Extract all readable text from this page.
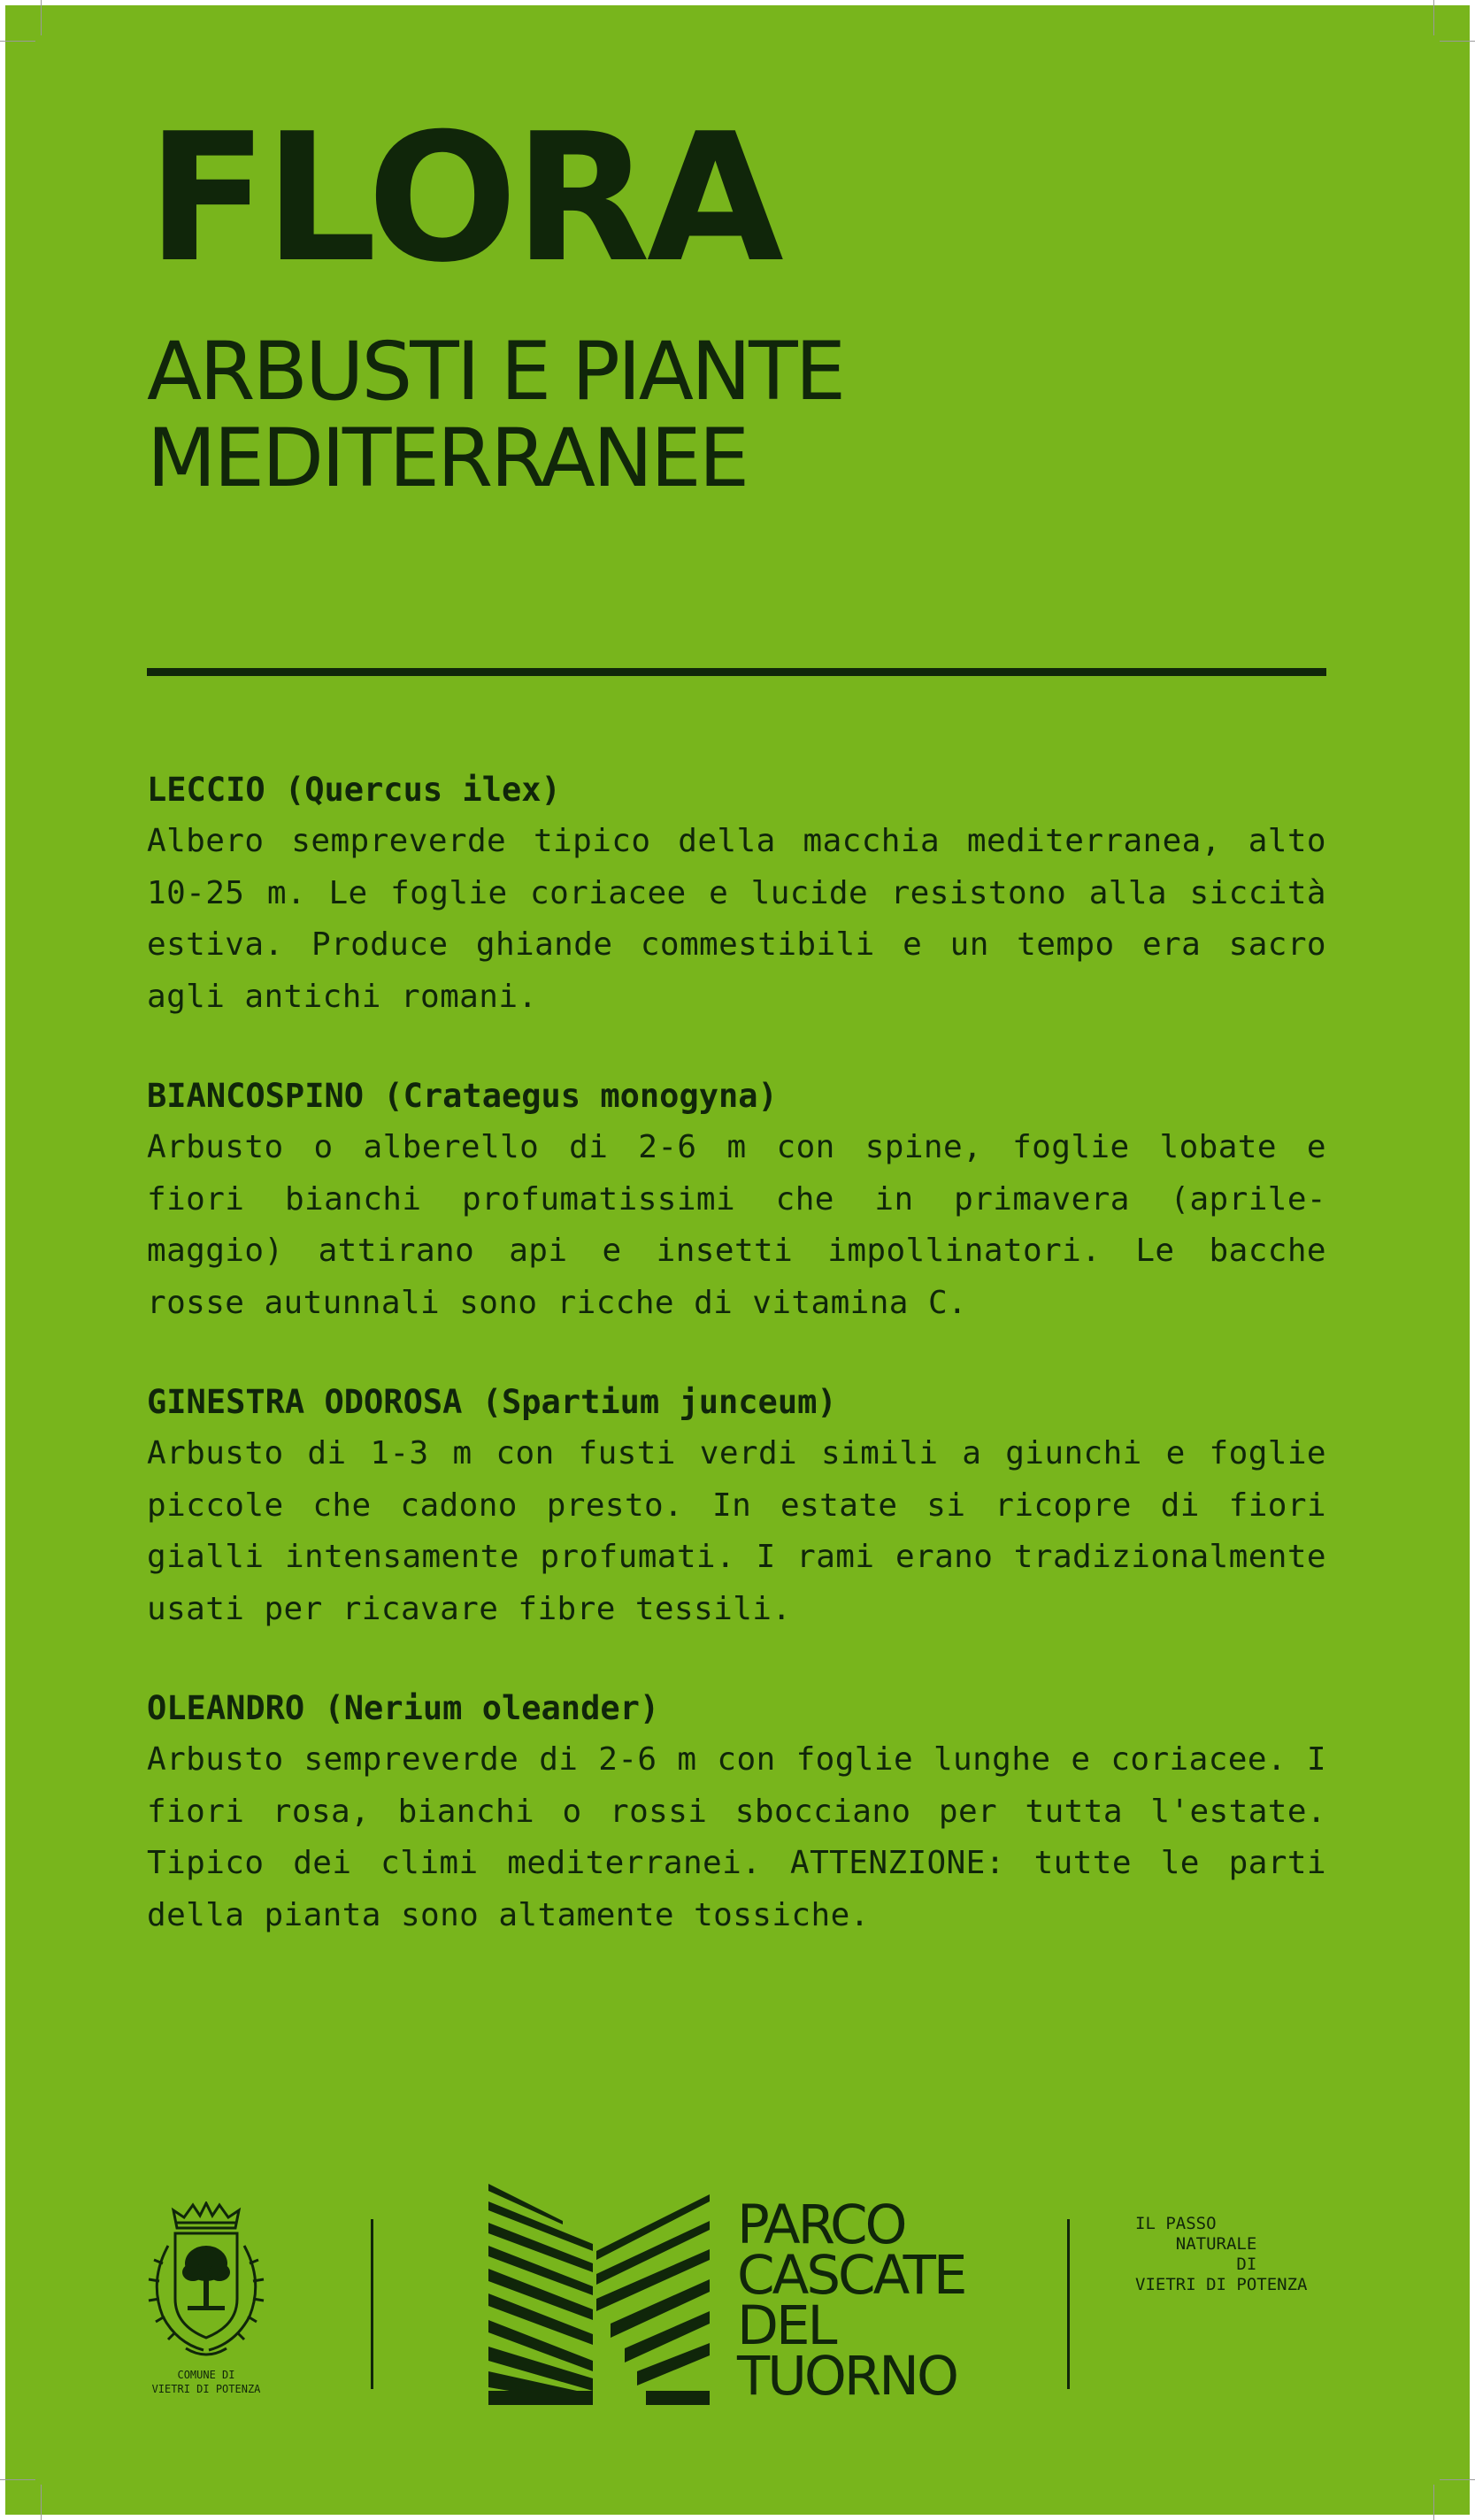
FLORA
ARBUSTI E PIANTE
MEDITERRANEE

LECCIO (Quercus ilex)

Albero sempreverde tipico della macchia mediterranea, alto 10-25 m. Le foglie coriacee e lucide resistono alla siccità estiva. Produce ghiande commestibili e un tempo era sacro agli antichi romani.

BIANCOSPINO (Crataegus monogyna)

Arbusto o alberello di 2-6 m con spine, foglie lobate e fiori bianchi profumatissimi che in primavera (aprile-maggio) attirano api e insetti impollinatori. Le bacche rosse autunnali sono ricche di vitamina C.

GINESTRA ODOROSA (Spartium junceum)

Arbusto di 1-3 m con fusti verdi simili a giunchi e foglie piccole che cadono presto. In estate si ricopre di fiori gialli intensamente profumati. I rami erano tradizionalmente usati per ricavare fibre tessili.

OLEANDRO (Nerium oleander)

Arbusto sempreverde di 2-6 m con foglie lunghe e coriacee. I fiori rosa, bianchi o rossi sbocciano per tutta l'estate. Tipico dei climi mediterranei. ATTENZIONE: tutte le parti della pianta sono altamente tossiche.

COMUNE DI
VIETRI DI POTENZA
PARCO
CASCATE
DEL
TUORNO
IL PASSO
NATURALE
DI
VIETRI DI POTENZA
